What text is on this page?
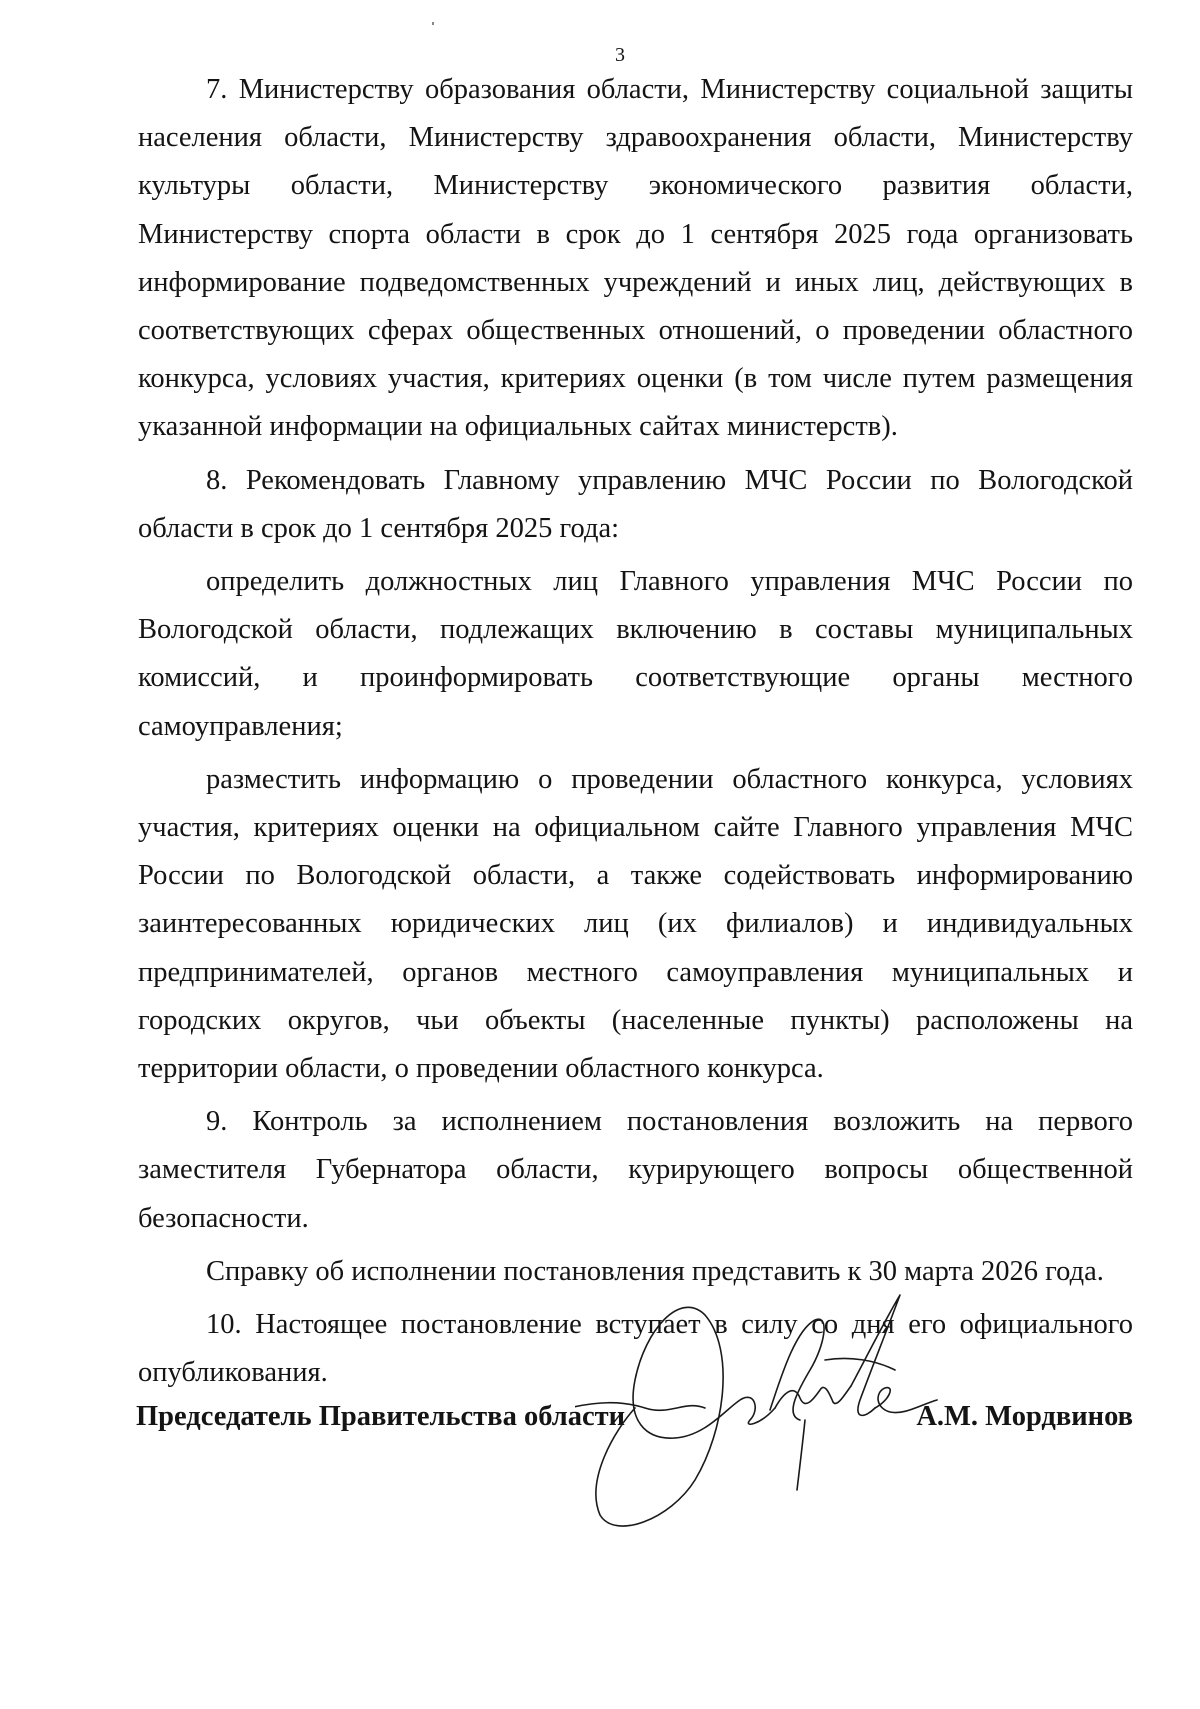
3

7. Министерству образования области, Министерству социальной защиты населения области, Министерству здравоохранения области, Министерству культуры области, Министерству экономического развития области, Министерству спорта области в срок до 1 сентября 2025 года организовать информирование подведомственных учреждений и иных лиц, действующих в соответствующих сферах общественных отношений, о проведении областного конкурса, условиях участия, критериях оценки (в том числе путем размещения указанной информации на официальных сайтах министерств).

8. Рекомендовать Главному управлению МЧС России по Вологодской области в срок до 1 сентября 2025 года:

определить должностных лиц Главного управления МЧС России по Вологодской области, подлежащих включению в составы муниципальных комиссий, и проинформировать соответствующие органы местного самоуправления;

разместить информацию о проведении областного конкурса, условиях участия, критериях оценки на официальном сайте Главного управления МЧС России по Вологодской области, а также содействовать информированию заинтересованных юридических лиц (их филиалов) и индивидуальных предпринимателей, органов местного самоуправления муниципальных и городских округов, чьи объекты (населенные пункты) расположены на территории области, о проведении областного конкурса.

9. Контроль за исполнением постановления возложить на первого заместителя Губернатора области, курирующего вопросы общественной безопасности.

Справку об исполнении постановления представить к 30 марта 2026 года.

10. Настоящее постановление вступает в силу со дня его официального опубликования.

Председатель Правительства области	А.М. Мордвинов
